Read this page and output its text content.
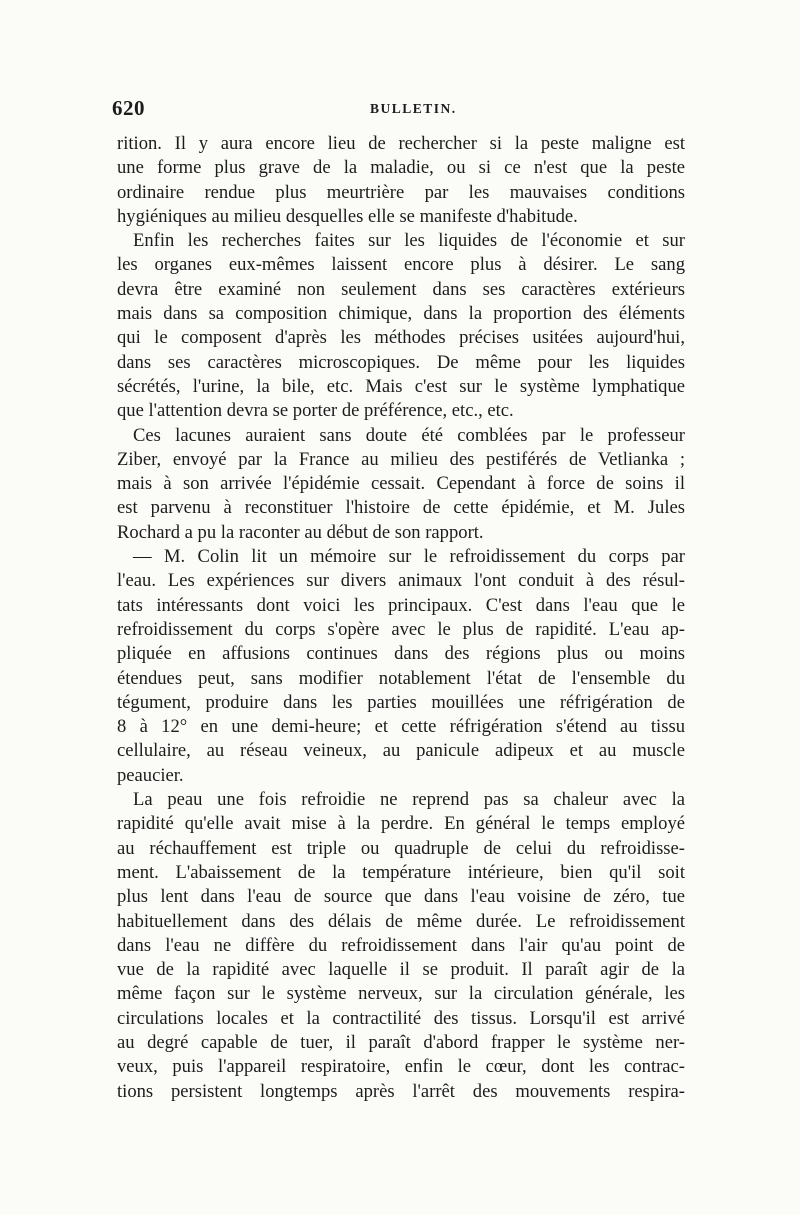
620	BULLETIN.
rition. Il y aura encore lieu de rechercher si la peste maligne est
une forme plus grave de la maladie, ou si ce n'est que la peste
ordinaire rendue plus meurtrière par les mauvaises conditions
hygiéniques au milieu desquelles elle se manifeste d'habitude.
Enfin les recherches faites sur les liquides de l'économie et sur
les organes eux-mêmes laissent encore plus à désirer. Le sang
devra être examiné non seulement dans ses caractères extérieurs
mais dans sa composition chimique, dans la proportion des éléments
qui le composent d'après les méthodes précises usitées aujourd'hui,
dans ses caractères microscopiques. De même pour les liquides
sécrétés, l'urine, la bile, etc. Mais c'est sur le système lymphatique
que l'attention devra se porter de préférence, etc., etc.
Ces lacunes auraient sans doute été comblées par le professeur
Ziber, envoyé par la France au milieu des pestiférés de Vetlianka ;
mais à son arrivée l'épidémie cessait. Cependant à force de soins il
est parvenu à reconstituer l'histoire de cette épidémie, et M. Jules
Rochard a pu la raconter au début de son rapport.
— M. Colin lit un mémoire sur le refroidissement du corps par
l'eau. Les expériences sur divers animaux l'ont conduit à des résul-
tats intéressants dont voici les principaux. C'est dans l'eau que le
refroidissement du corps s'opère avec le plus de rapidité. L'eau ap-
pliquée en affusions continues dans des régions plus ou moins
étendues peut, sans modifier notablement l'état de l'ensemble du
tégument, produire dans les parties mouillées une réfrigération de
8 à 12° en une demi-heure; et cette réfrigération s'étend au tissu
cellulaire, au réseau veineux, au panicule adipeux et au muscle
peaucier.
La peau une fois refroidie ne reprend pas sa chaleur avec la
rapidité qu'elle avait mise à la perdre. En général le temps employé
au réchauffement est triple ou quadruple de celui du refroidisse-
ment. L'abaissement de la température intérieure, bien qu'il soit
plus lent dans l'eau de source que dans l'eau voisine de zéro, tue
habituellement dans des délais de même durée. Le refroidissement
dans l'eau ne diffère du refroidissement dans l'air qu'au point de
vue de la rapidité avec laquelle il se produit. Il paraît agir de la
même façon sur le système nerveux, sur la circulation générale, les
circulations locales et la contractilité des tissus. Lorsqu'il est arrivé
au degré capable de tuer, il paraît d'abord frapper le système ner-
veux, puis l'appareil respiratoire, enfin le cœur, dont les contrac-
tions persistent longtemps après l'arrêt des mouvements respira-
